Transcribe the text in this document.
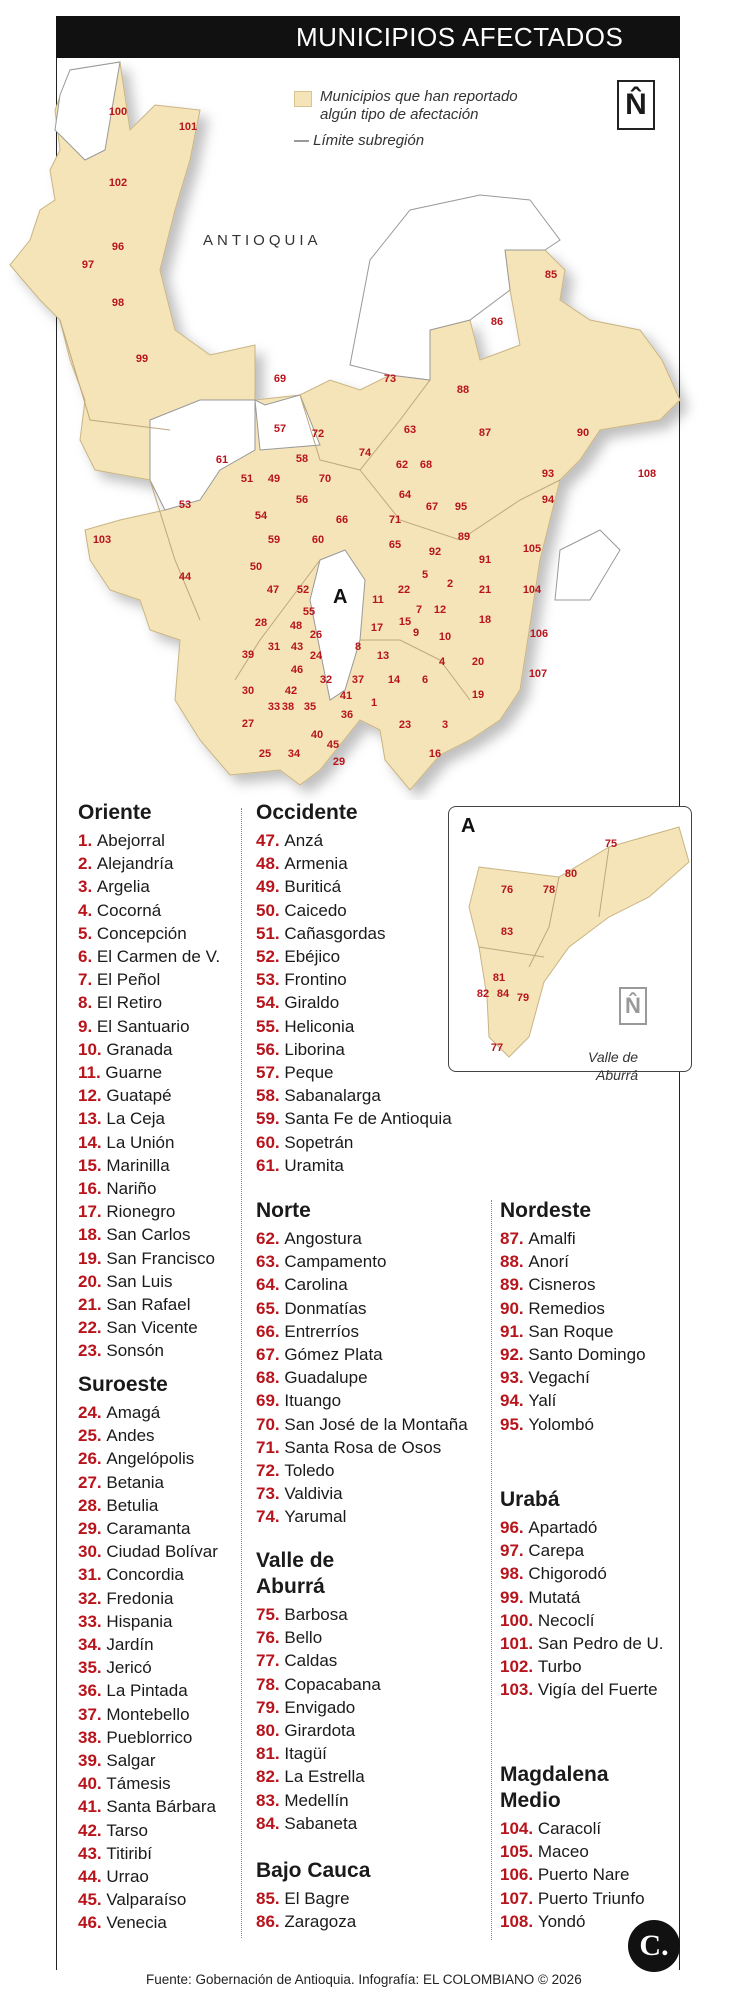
MUNICIPIOS AFECTADOS
100
101
102
97
96
98
99
85
86
69	73
88
87	90
57 72
74
63
61
51 49
58
70
62 68
108
93
94
53
54
56
66
64
67 95
103	59	60
71
65
89
92	105
91
50
44
47 52
11
22	2 21	104
55
48
7 12
17 15
5
18
106
28
26	9 10
31 43
24
8
13	4 20
107
39
46
32 37 14 6
30	42	41
1
19
33 38 35
36
27
40
23	3
25 34
45
29
16
ANTIOQUIA
A
Municipios que han reportado algún tipo de afectación
— Límite subregión
N̂
A
75
76	78
80
83
81
82 84 79
77
N̂
Valle de
Aburrá
Oriente
1. Abejorral
2. Alejandría
3. Argelia
4. Cocorná
5. Concepción
6. El Carmen de V.
7. El Peñol
8. El Retiro
9. El Santuario
10. Granada
11. Guarne
12. Guatapé
13. La Ceja
14. La Unión
15. Marinilla
16. Nariño
17. Rionegro
18. San Carlos
19. San Francisco
20. San Luis
21. San Rafael
22. San Vicente
23. Sonsón
Suroeste
24. Amagá
25. Andes
26. Angelópolis
27. Betania
28. Betulia
29. Caramanta
30. Ciudad Bolívar
31. Concordia
32. Fredonia
33. Hispania
34. Jardín
35. Jericó
36. La Pintada
37. Montebello
38. Pueblorrico
39. Salgar
40. Támesis
41. Santa Bárbara
42. Tarso
43. Titiribí
44. Urrao
45. Valparaíso
46. Venecia
Occidente
47. Anzá
48. Armenia
49. Buriticá
50. Caicedo
51. Cañasgordas
52. Ebéjico
53. Frontino
54. Giraldo
55. Heliconia
56. Liborina
57. Peque
58. Sabanalarga
59. Santa Fe de Antioquia
60. Sopetrán
61. Uramita
Norte
62. Angostura
63. Campamento
64. Carolina
65. Donmatías
66. Entrerríos
67. Gómez Plata
68. Guadalupe
69. Ituango
70. San José de la Montaña
71. Santa Rosa de Osos
72. Toledo
73. Valdivia
74. Yarumal
Valle de Aburrá
75. Barbosa
76. Bello
77. Caldas
78. Copacabana
79. Envigado
80. Girardota
81. Itagüí
82. La Estrella
83. Medellín
84. Sabaneta
Bajo Cauca
85. El Bagre
86. Zaragoza
Nordeste
87. Amalfi
88. Anorí
89. Cisneros
90. Remedios
91. San Roque
92. Santo Domingo
93. Vegachí
94. Yalí
95. Yolombó
Urabá
96. Apartadó
97. Carepa
98. Chigorodó
99. Mutatá
100. Necoclí
101. San Pedro de U.
102. Turbo
103. Vigía del Fuerte
Magdalena Medio
104. Caracolí
105. Maceo
106. Puerto Nare
107. Puerto Triunfo
108. Yondó
C.
Fuente: Gobernación de Antioquia. Infografía: EL COLOMBIANO © 2026
